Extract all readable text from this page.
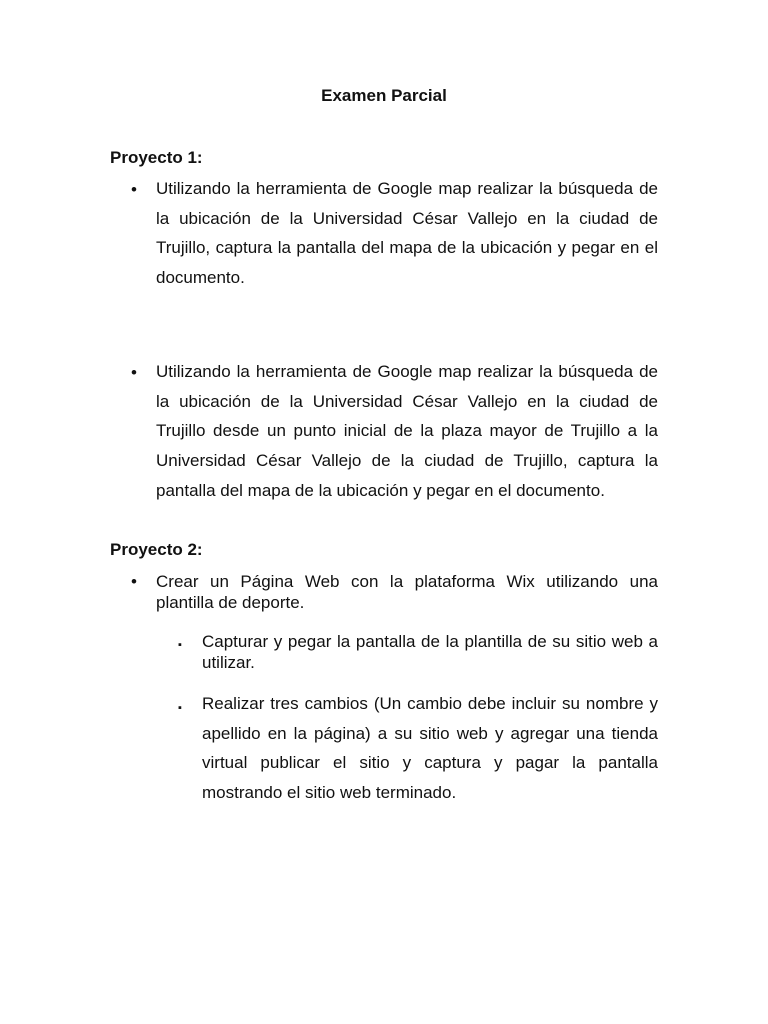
Examen Parcial
Proyecto 1:
• Utilizando la herramienta de Google map realizar la búsqueda de la ubicación de la Universidad César Vallejo en la ciudad de Trujillo, captura la pantalla del mapa de la ubicación y pegar en el documento.

• Utilizando la herramienta de Google map realizar la búsqueda de la ubicación de la Universidad César Vallejo en la ciudad de Trujillo desde un punto inicial de la plaza mayor de Trujillo a la Universidad César Vallejo de la ciudad de Trujillo, captura la pantalla del mapa de la ubicación y pegar en el documento.

Proyecto 2:
• Crear un Página Web con la plataforma Wix utilizando una plantilla de deporte.

▪ Capturar y pegar la pantalla de la plantilla de su sitio web a utilizar.

▪ Realizar tres cambios (Un cambio debe incluir su nombre y apellido en la página) a su sitio web y agregar una tienda virtual publicar el sitio y captura y pagar la pantalla mostrando el sitio web terminado.
